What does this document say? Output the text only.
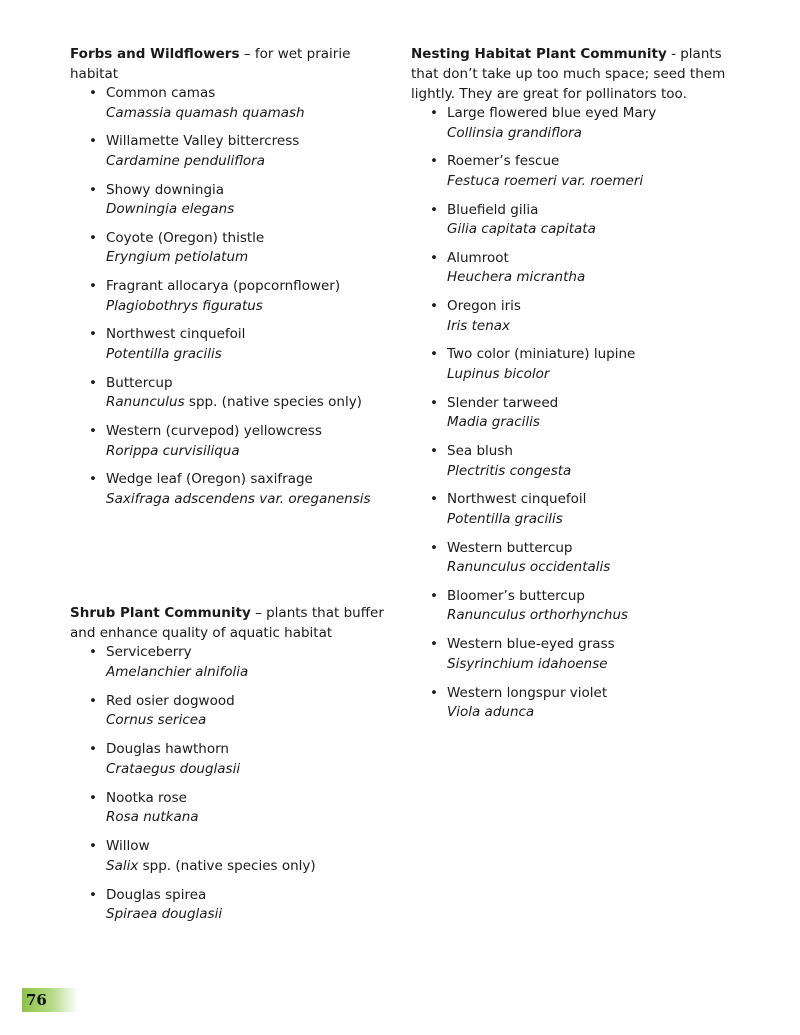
Forbs and Wildflowers – for wet prairie habitat

• Common camas
Camassia quamash quamash
• Willamette Valley bittercress
Cardamine penduliflora
• Showy downingia
Downingia elegans
• Coyote (Oregon) thistle
Eryngium petiolatum
• Fragrant allocarya (popcornflower)
Plagiobothrys figuratus
• Northwest cinquefoil
Potentilla gracilis
• Buttercup
Ranunculus spp. (native species only)
• Western (curvepod) yellowcress
Rorippa curvisiliqua
• Wedge leaf (Oregon) saxifrage
Saxifraga adscendens var. oreganensis

Shrub Plant Community – plants that buffer and enhance quality of aquatic habitat

• Serviceberry
Amelanchier alnifolia
• Red osier dogwood
Cornus sericea
• Douglas hawthorn
Crataegus douglasii
• Nootka rose
Rosa nutkana
• Willow
Salix spp. (native species only)
• Douglas spirea
Spiraea douglasii

Nesting Habitat Plant Community - plants that don’t take up too much space; seed them lightly. They are great for pollinators too.

• Large flowered blue eyed Mary
Collinsia grandiflora
• Roemer’s fescue
Festuca roemeri var. roemeri
• Bluefield gilia
Gilia capitata capitata
• Alumroot
Heuchera micrantha
• Oregon iris
Iris tenax
• Two color (miniature) lupine
Lupinus bicolor
• Slender tarweed
Madia gracilis
• Sea blush
Plectritis congesta
• Northwest cinquefoil
Potentilla gracilis
• Western buttercup
Ranunculus occidentalis
• Bloomer’s buttercup
Ranunculus orthorhynchus
• Western blue-eyed grass
Sisyrinchium idahoense
• Western longspur violet
Viola adunca
76
